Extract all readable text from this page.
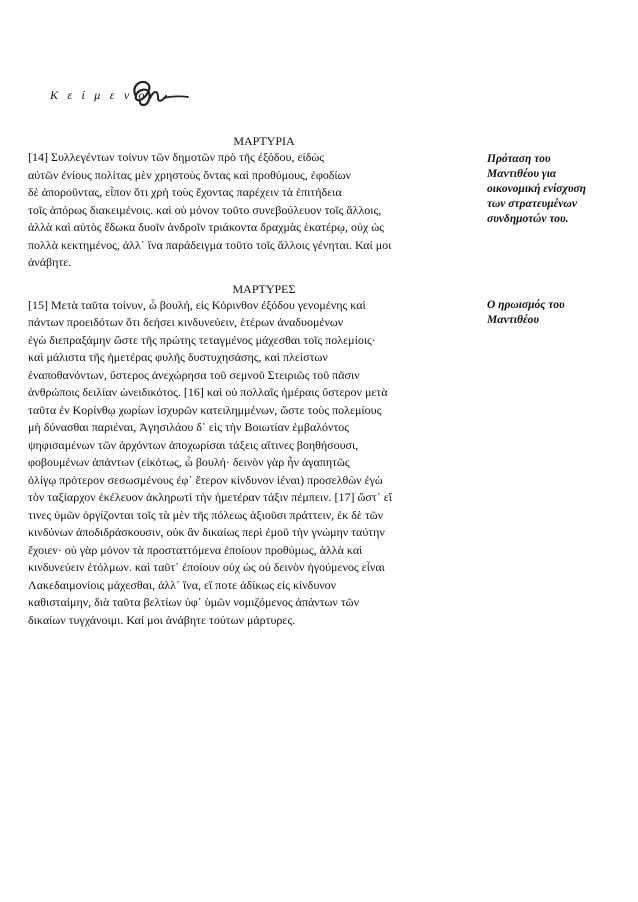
Κ ε ί μ ε ν ο

ΜΑΡΤΥΡΙΑ

[14] Συλλεγέντων τοίνυν τῶν δημοτῶν πρὸ τῆς ἐξόδου, εἰδὼς
αὐτῶν ἐνίους πολίτας μὲν χρηστοὺς ὄντας καὶ προθύμους, ἐφοδίων
δὲ ἀποροῦντας, εἶπον ὅτι χρὴ τοὺς ἔχοντας παρέχειν τὰ ἐπιτήδεια
τοῖς ἀπόρως διακειμένοις. καὶ οὐ μόνον τοῦτο συνεβούλευον τοῖς ἄλλοις,
ἀλλὰ καὶ αὐτὸς ἔδωκα δυοῖν ἀνδροῖν τριάκοντα δραχμὰς ἑκατέρῳ, οὐχ ὡς
πολλὰ κεκτημένος, ἀλλ᾽ ἵνα παράδειγμα τοῦτο τοῖς ἄλλοις γένηται. Καί μοι
ἀνάβητε.

ΜΑΡΤΥΡΕΣ

[15] Μετὰ ταῦτα τοίνυν, ὦ βουλή, εἰς Κόρινθον ἐξόδου γενομένης καὶ
πάντων προειδότων ὅτι δεήσει κινδυνεύειν, ἑτέρων ἀναδυομένων
ἐγὼ διεπραξάμην ὥστε τῆς πρώτης τεταγμένος μάχεσθαι τοῖς πολεμίοις·
καὶ μάλιστα τῆς ἡμετέρας φυλῆς δυστυχησάσης, καὶ πλείστων
ἐναποθανόντων, ὕστερος ἀνεχώρησα τοῦ σεμνοῦ Στειριῶς τοῦ πᾶσιν
ἀνθρώποις δειλίαν ὠνειδικότος. [16] καὶ οὐ πολλαῖς ἡμέραις ὕστερον μετὰ
ταῦτα ἐν Κορίνθῳ χωρίων ἰσχυρῶν κατειλημμένων, ὥστε τοὺς πολεμίους
μὴ δύνασθαι παριέναι, Ἀγησιλάου δ᾽ εἰς τὴν Βοιωτίαν ἐμβαλόντος
ψηφισαμένων τῶν ἀρχόντων ἀποχωρίσαι τάξεις αἵτινες βοηθήσουσι,
φοβουμένων ἁπάντων (εἰκότως, ὦ βουλή· δεινὸν γὰρ ἦν ἀγαπητῶς
ὀλίγῳ πρότερον σεσωσμένους ἐφ᾽ ἕτερον κίνδυνον ἰέναι) προσελθὼν ἐγὼ
τὸν ταξίαρχον ἐκέλευον ἀκληρωτὶ τὴν ἡμετέραν τάξιν πέμπειν. [17] ὥστ᾽ εἴ
τινες ὑμῶν ὀργίζονται τοῖς τὰ μὲν τῆς πόλεως ἀξιοῦσι πράττειν, ἐκ δὲ τῶν
κινδύνων ἀποδιδράσκουσιν, οὐκ ἂν δικαίως περὶ ἐμοῦ τὴν γνώμην ταύτην
ἔχοιεν· οὐ γὰρ μόνον τὰ προσταττόμενα ἐποίουν προθύμως, ἀλλὰ καὶ
κινδυνεύειν ἐτόλμων. καὶ ταῦτ᾽ ἐποίουν οὐχ ὡς οὐ δεινὸν ἡγούμενος εἶναι
Λακεδαιμονίοις μάχεσθαι, ἀλλ᾽ ἵνα, εἴ ποτε ἀδίκως εἰς κίνδυνον
καθισταίμην, διὰ ταῦτα βελτίων ὑφ᾽ ὑμῶν νομιζόμενος ἁπάντων τῶν
δικαίων τυγχάνοιμι. Καί μοι ἀνάβητε τούτων μάρτυρες.

Πρόταση του
Μαντιθέου για
οικονομική ενίσχυση
των στρατευμένων
συνδημοτών του.
Ο ηρωισμός του
Μαντιθέου
